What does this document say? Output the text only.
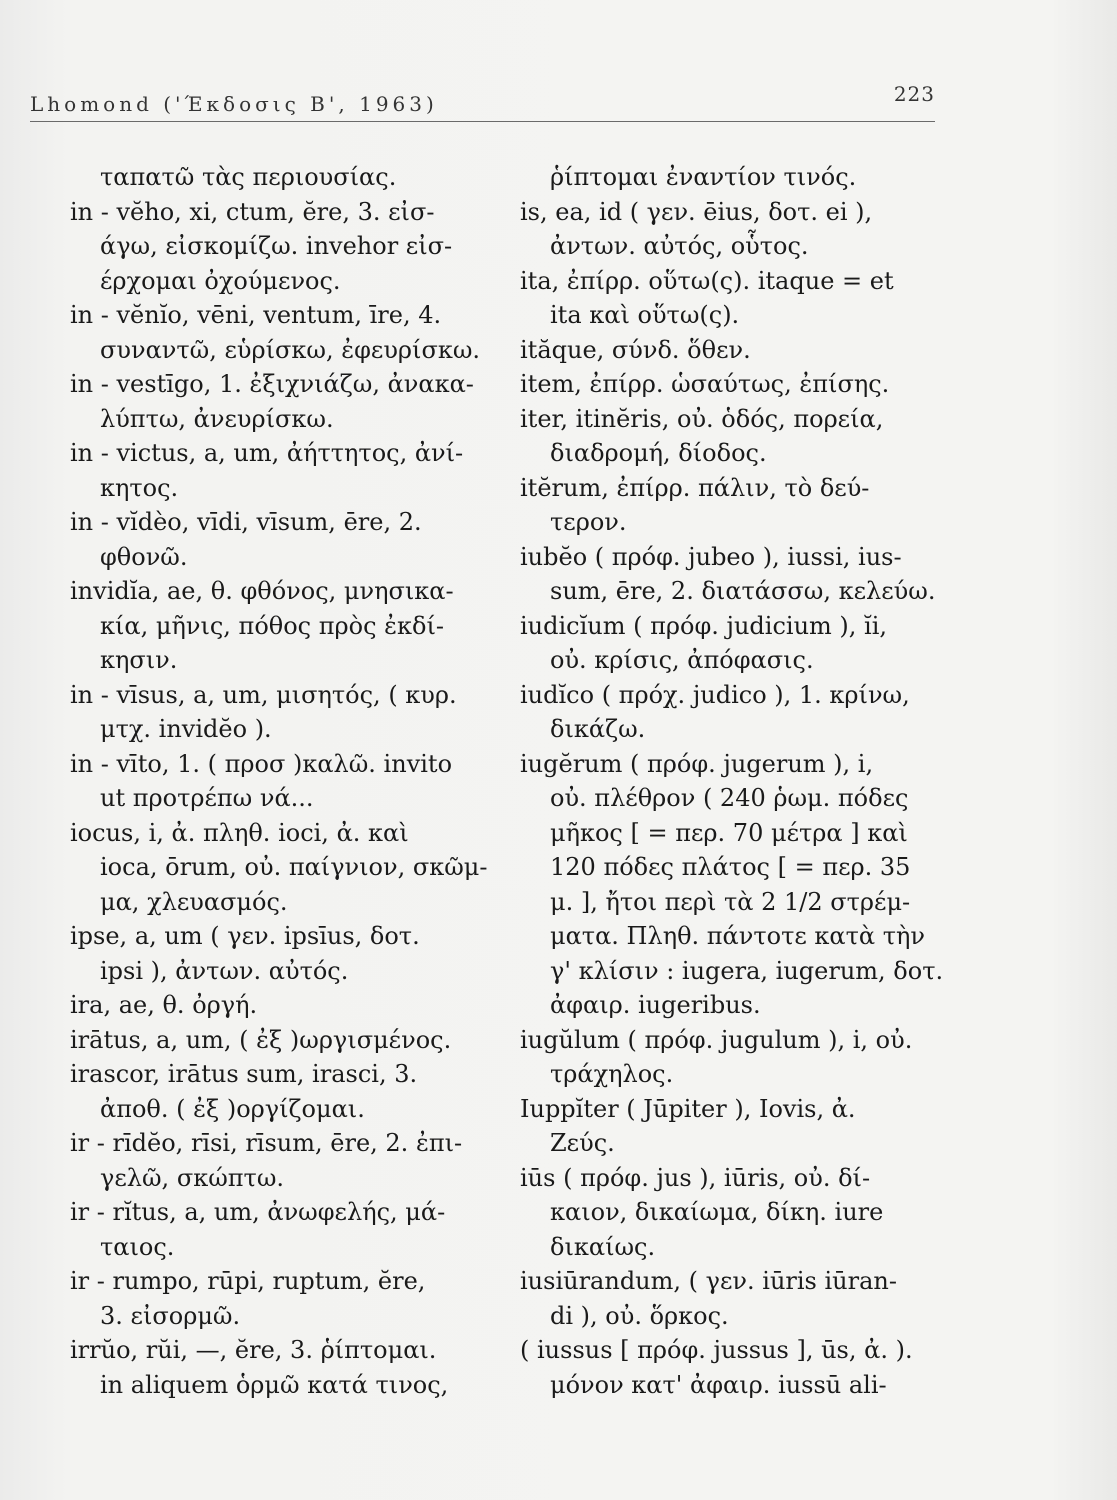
Lhomond ('Έκδοσις Β', 1963)	223
ταπατῶ τὰς περιουσίας.
in - vĕho, xi, ctum, ĕre, 3. εἰσ-
άγω, εἰσκομίζω. invehor εἰσ-
έρχομαι ὀχούμενος.
in - vĕnĭo, vēni, ventum, īre, 4.
συναντῶ, εὑρίσκω, ἐφευρίσκω.
in - vestīgo, 1. ἐξιχνιάζω, ἀνακα-
λύπτω, ἀνευρίσκω.
in - victus, a, um, ἀήττητος, ἀνί-
κητος.
in - vĭdèo, vīdi, vīsum, ēre, 2.
φθονῶ.
invidĭa, ae, θ. φθόνος, μνησικα-
κία, μῆνις, πόθος πρὸς ἐκδί-
κησιν.
in - vīsus, a, um, μισητός, ( κυρ.
μτχ. invidĕo ).
in - vīto, 1. ( προσ )καλῶ. invito
ut προτρέπω νά...
iocus, i, ἀ. πληθ. ioci, ἀ. καὶ
ioca, ōrum, οὐ. παίγνιον, σκῶμ-
μα, χλευασμός.
ipse, a, um ( γεν. ipsīus, δοτ.
ipsi ), ἀντων. αὐτός.
ira, ae, θ. ὀργή.
irātus, a, um, ( ἐξ )ωργισμένος.
irascor, irātus sum, irasci, 3.
ἀποθ. ( ἐξ )οργίζομαι.
ir - rīdĕo, rīsi, rīsum, ēre, 2. ἐπι-
γελῶ, σκώπτω.
ir - rĭtus, a, um, ἀνωφελής, μά-
ταιος.
ir - rumpo, rūpi, ruptum, ĕre,
3. εἰσορμῶ.
irrŭo, rŭi, —, ĕre, 3. ῥίπτομαι.
in aliquem ὁρμῶ κατά τινος,
ῥίπτομαι ἐναντίον τινός.
is, ea, id ( γεν. ēius, δοτ. ei ),
ἀντων. αὐτός, οὗτος.
ita, ἐπίρρ. οὕτω(ς). itaque = et
ita καὶ οὕτω(ς).
ităque, σύνδ. ὅθεν.
item, ἐπίρρ. ὡσαύτως, ἐπίσης.
iter, itinĕris, οὐ. ὁδός, πορεία,
διαδρομή, δίοδος.
itĕrum, ἐπίρρ. πάλιν, τὸ δεύ-
τερον.
iubĕo ( πρόφ. jubeo ), iussi, ius-
sum, ēre, 2. διατάσσω, κελεύω.
iudicĭum ( πρόφ. judicium ), ĭi,
οὐ. κρίσις, ἀπόφασις.
iudĭco ( πρόχ. judico ), 1. κρίνω,
δικάζω.
iugĕrum ( πρόφ. jugerum ), i,
οὐ. πλέθρον ( 240 ῥωμ. πόδες
μῆκος [ = περ. 70 μέτρα ] καὶ
120 πόδες πλάτος [ = περ. 35
μ. ], ἤτοι περὶ τὰ 2 1/2 στρέμ-
ματα. Πληθ. πάντοτε κατὰ τὴν
γ' κλίσιν : iugera, iugerum, δοτ.
ἀφαιρ. iugeribus.
iugŭlum ( πρόφ. jugulum ), i, οὐ.
τράχηλος.
Iuppĭter ( Jūpiter ), Iovis, ἀ.
Ζεύς.
iūs ( πρόφ. jus ), iūris, οὐ. δί-
καιον, δικαίωμα, δίκη. iure
δικαίως.
iusiūrandum, ( γεν. iūris iūran-
di ), οὐ. ὅρκος.
( iussus [ πρόφ. jussus ], ūs, ἀ. ).
μόνον κατ' ἀφαιρ. iussū ali-
